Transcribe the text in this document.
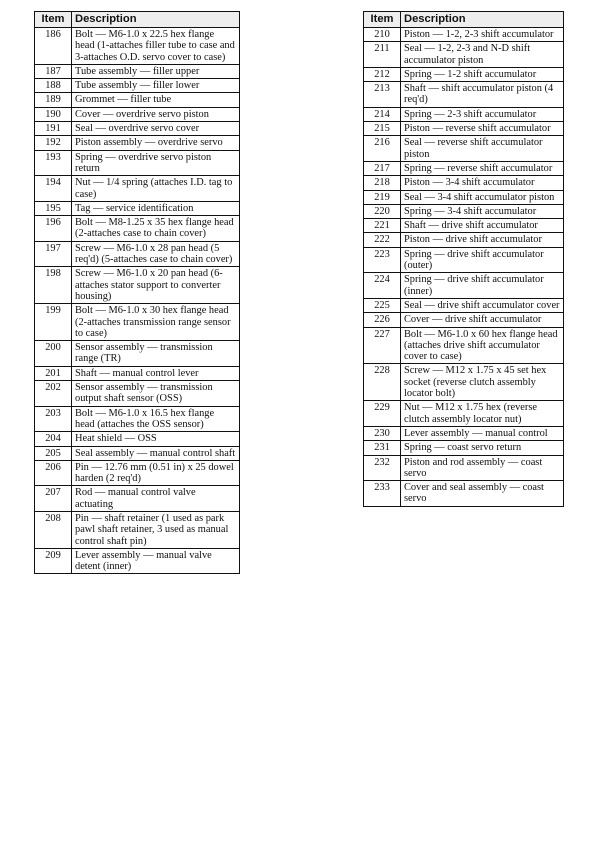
Item	Description
186	Bolt — M6-1.0 x 22.5 hex flange head (1-attaches filler tube to case and 3-attaches O.D. servo cover to case)
187	Tube assembly — filler upper
188	Tube assembly — filler lower
189	Grommet — filler tube
190	Cover — overdrive servo piston
191	Seal — overdrive servo cover
192	Piston assembly — overdrive servo
193	Spring — overdrive servo piston return
194	Nut — 1/4 spring (attaches I.D. tag to case)
195	Tag — service identification
196	Bolt — M8-1.25 x 35 hex flange head (2-attaches case to chain cover)
197	Screw — M6-1.0 x 28 pan head (5 req'd) (5-attaches case to chain cover)
198	Screw — M6-1.0 x 20 pan head (6-attaches stator support to converter housing)
199	Bolt — M6-1.0 x 30 hex flange head (2-attaches transmission range sensor to case)
200	Sensor assembly — transmission range (TR)
201	Shaft — manual control lever
202	Sensor assembly — transmission output shaft sensor (OSS)
203	Bolt — M6-1.0 x 16.5 hex flange head (attaches the OSS sensor)
204	Heat shield — OSS
205	Seal assembly — manual control shaft
206	Pin — 12.76 mm (0.51 in) x 25 dowel harden (2 req'd)
207	Rod — manual control valve actuating
208	Pin — shaft retainer (1 used as park pawl shaft retainer, 3 used as manual control shaft pin)
209	Lever assembly — manual valve detent (inner)
Item	Description
210	Piston — 1-2, 2-3 shift accumulator
211	Seal — 1-2, 2-3 and N-D shift accumulator piston
212	Spring — 1-2 shift accumulator
213	Shaft — shift accumulator piston (4 req'd)
214	Spring — 2-3 shift accumulator
215	Piston — reverse shift accumulator
216	Seal — reverse shift accumulator piston
217	Spring — reverse shift accumulator
218	Piston — 3-4 shift accumulator
219	Seal — 3-4 shift accumulator piston
220	Spring — 3-4 shift accumulator
221	Shaft — drive shift accumulator
222	Piston — drive shift accumulator
223	Spring — drive shift accumulator (outer)
224	Spring — drive shift accumulator (inner)
225	Seal — drive shift accumulator cover
226	Cover — drive shift accumulator
227	Bolt — M6-1.0 x 60 hex flange head (attaches drive shift accumulator cover to case)
228	Screw — M12 x 1.75 x 45 set hex socket (reverse clutch assembly locator bolt)
229	Nut — M12 x 1.75 hex (reverse clutch assembly locator nut)
230	Lever assembly — manual control
231	Spring — coast servo return
232	Piston and rod assembly — coast servo
233	Cover and seal assembly — coast servo
